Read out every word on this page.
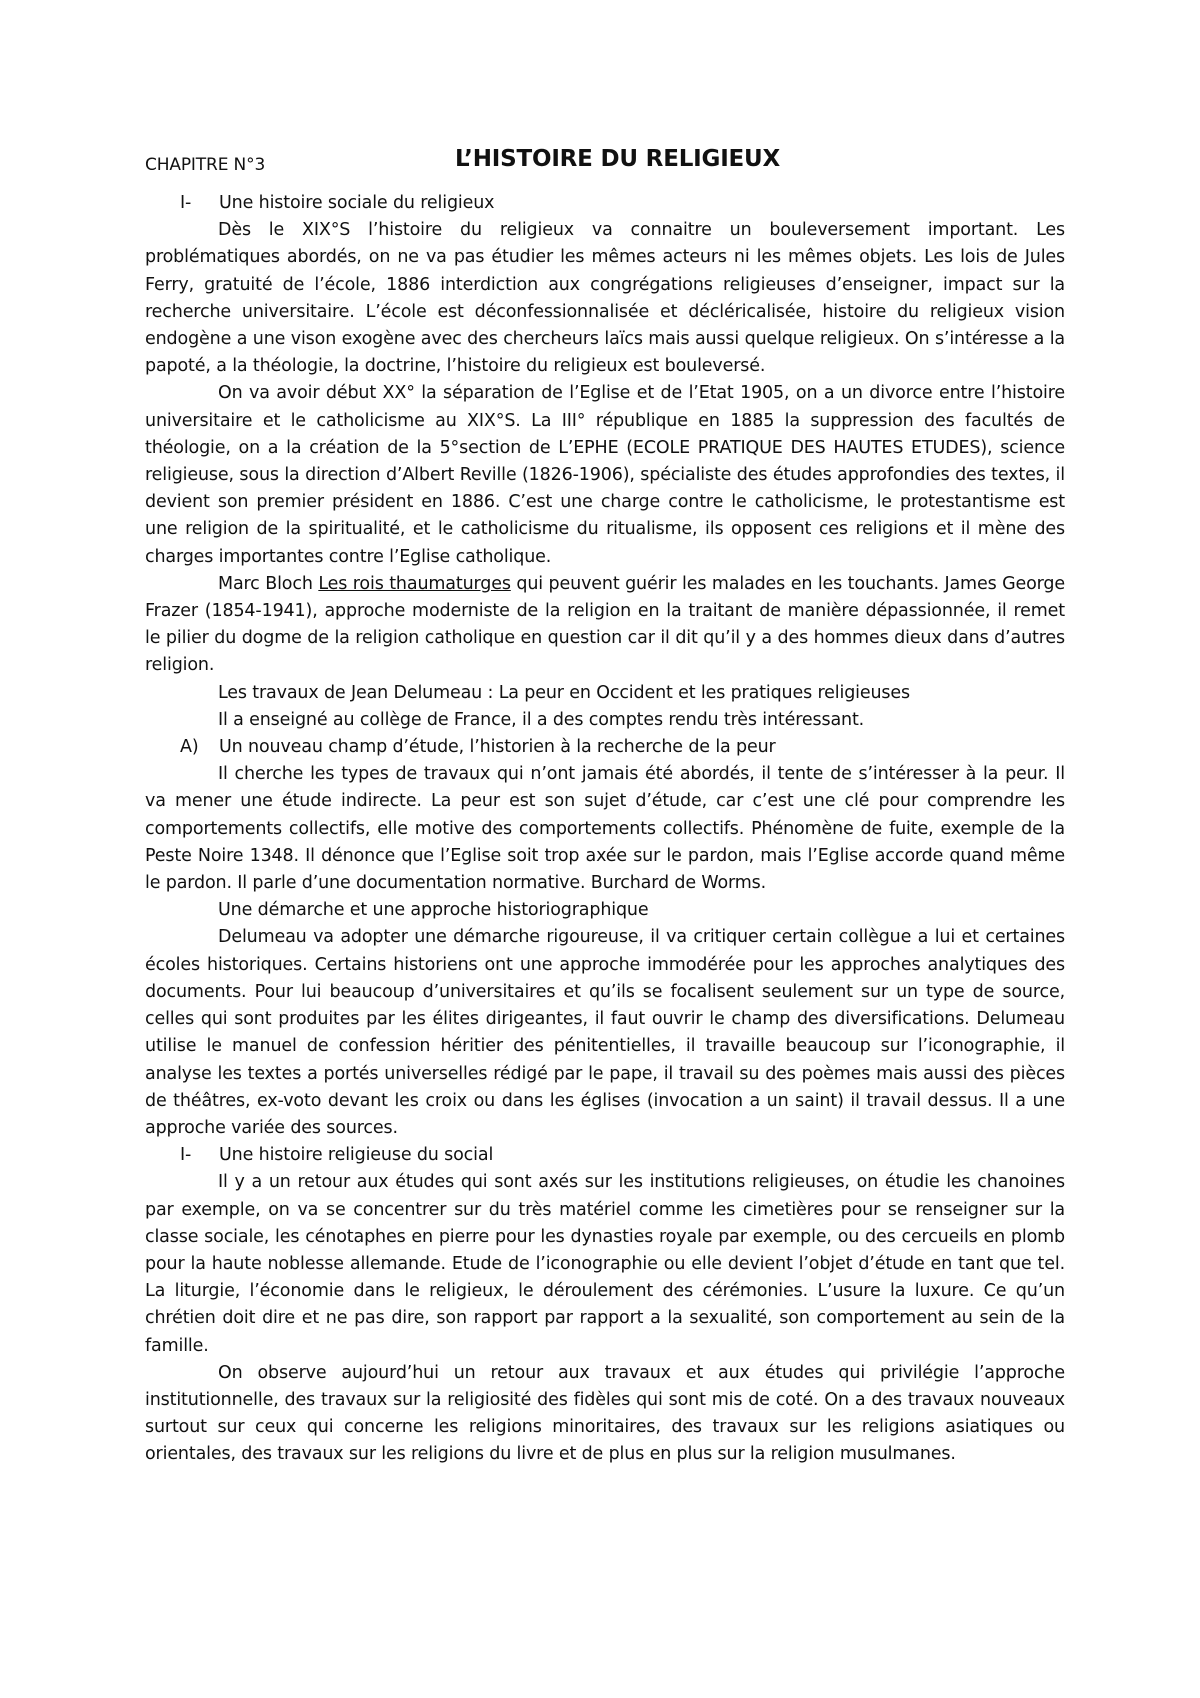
CHAPITRE N°3	L’HISTOIRE DU RELIGIEUX
I- Une histoire sociale du religieux

Dès le XIX°S l’histoire du religieux va connaitre un bouleversement important. Les problématiques abordés, on ne va pas étudier les mêmes acteurs ni les mêmes objets. Les lois de Jules Ferry, gratuité de l’école, 1886 interdiction aux congrégations religieuses d’enseigner, impact sur la recherche universitaire. L’école est déconfessionnalisée et décléricalisée, histoire du religieux vision endogène a une vison exogène avec des chercheurs laïcs mais aussi quelque religieux. On s’intéresse a la papoté, a la théologie, la doctrine, l’histoire du religieux est bouleversé.

On va avoir début XX° la séparation de l’Eglise et de l’Etat 1905, on a un divorce entre l’histoire universitaire et le catholicisme au XIX°S. La III° république en 1885 la suppression des facultés de théologie, on a la création de la 5°section de L’EPHE (ECOLE PRATIQUE DES HAUTES ETUDES), science religieuse, sous la direction d’Albert Reville (1826-1906), spécialiste des études approfondies des textes, il devient son premier président en 1886. C’est une charge contre le catholicisme, le protestantisme est une religion de la spiritualité, et le catholicisme du ritualisme, ils opposent ces religions et il mène des charges importantes contre l’Eglise catholique.

Marc Bloch Les rois thaumaturges qui peuvent guérir les malades en les touchants. James George Frazer (1854-1941), approche moderniste de la religion en la traitant de manière dépassionnée, il remet le pilier du dogme de la religion catholique en question car il dit qu’il y a des hommes dieux dans d’autres religion.

Les travaux de Jean Delumeau : La peur en Occident et les pratiques religieuses

Il a enseigné au collège de France, il a des comptes rendu très intéressant.

A) Un nouveau champ d’étude, l’historien à la recherche de la peur

Il cherche les types de travaux qui n’ont jamais été abordés, il tente de s’intéresser à la peur. Il va mener une étude indirecte. La peur est son sujet d’étude, car c’est une clé pour comprendre les comportements collectifs, elle motive des comportements collectifs. Phénomène de fuite, exemple de la Peste Noire 1348. Il dénonce que l’Eglise soit trop axée sur le pardon, mais l’Eglise accorde quand même le pardon. Il parle d’une documentation normative. Burchard de Worms.

Une démarche et une approche historiographique

Delumeau va adopter une démarche rigoureuse, il va critiquer certain collègue a lui et certaines écoles historiques. Certains historiens ont une approche immodérée pour les approches analytiques des documents. Pour lui beaucoup d’universitaires et qu’ils se focalisent seulement sur un type de source, celles qui sont produites par les élites dirigeantes, il faut ouvrir le champ des diversifications. Delumeau utilise le manuel de confession héritier des pénitentielles, il travaille beaucoup sur l’iconographie, il analyse les textes a portés universelles rédigé par le pape, il travail su des poèmes mais aussi des pièces de théâtres, ex-voto devant les croix ou dans les églises (invocation a un saint) il travail dessus. Il a une approche variée des sources.

I- Une histoire religieuse du social

Il y a un retour aux études qui sont axés sur les institutions religieuses, on étudie les chanoines par exemple, on va se concentrer sur du très matériel comme les cimetières pour se renseigner sur la classe sociale, les cénotaphes en pierre pour les dynasties royale par exemple, ou des cercueils en plomb pour la haute noblesse allemande. Etude de l’iconographie ou elle devient l’objet d’étude en tant que tel. La liturgie, l’économie dans le religieux, le déroulement des cérémonies. L’usure la luxure. Ce qu’un chrétien doit dire et ne pas dire, son rapport par rapport a la sexualité, son comportement au sein de la famille.

On observe aujourd’hui un retour aux travaux et aux études qui privilégie l’approche institutionnelle, des travaux sur la religiosité des fidèles qui sont mis de coté. On a des travaux nouveaux surtout sur ceux qui concerne les religions minoritaires, des travaux sur les religions asiatiques ou orientales, des travaux sur les religions du livre et de plus en plus sur la religion musulmanes.
